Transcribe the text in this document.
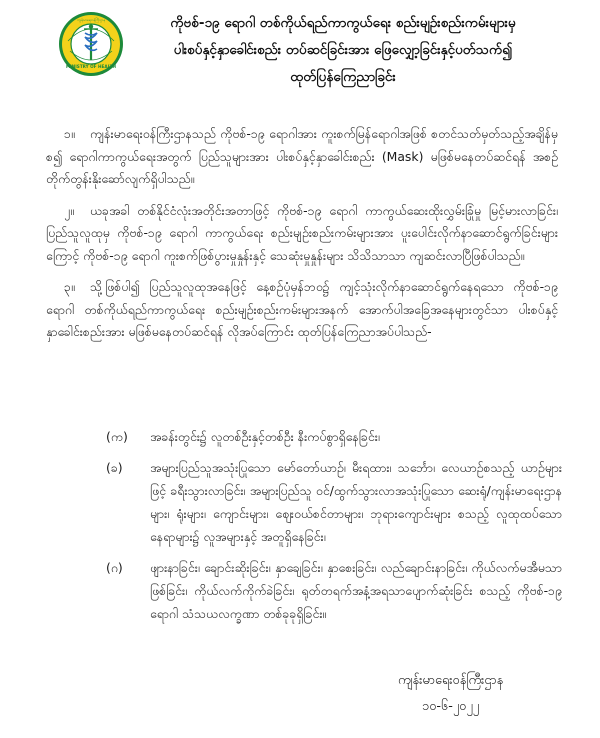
MINISTRY OF HEALTH
ကျန်းမာရေးဝန်ကြီးဌာန	ကိုဗစ်-၁၉ ရောဂါ တစ်ကိုယ်ရည်ကာကွယ်ရေး စည်းမျဉ်းစည်းကမ်းများမှ
ပါးစပ်နှင့်နှာခေါင်းစည်း တပ်ဆင်ခြင်းအား ဖြေလျှော့ခြင်းနှင့်ပတ်သက်၍
ထုတ်ပြန်ကြေညာခြင်း

၁။ ကျန်းမာရေးဝန်ကြီးဌာနသည် ကိုဗစ်-၁၉ ရောဂါအား ကူးစက်မြန်ရောဂါအဖြစ် စတင်သတ်မှတ်သည့်အချိန်မှစ၍ ရောဂါကာကွယ်ရေးအတွက် ပြည်သူများအား ပါးစပ်နှင့်နှာခေါင်းစည်း (Mask) မဖြစ်မနေတပ်ဆင်ရန် အစဉ်တိုက်တွန်းနိုးဆော်လျက်ရှိပါသည်။

၂။ ယခုအခါ တစ်နိုင်ငံလုံးအတိုင်းအတာဖြင့် ကိုဗစ်-၁၉ ရောဂါ ကာကွယ်ဆေးထိုးလွှမ်းခြုံမှု မြင့်မားလာခြင်း၊ ပြည်သူလူထုမှ ကိုဗစ်-၁၉ ရောဂါ ကာကွယ်ရေး စည်းမျဉ်းစည်းကမ်းများအား ပူးပေါင်းလိုက်နာဆောင်ရွက်ခြင်းများကြောင့် ကိုဗစ်-၁၉ ရောဂါ ကူးစက်ဖြစ်ပွားမှုနှုန်းနှင့် သေဆုံးမှုနှုန်းများ သိသိသာသာ ကျဆင်းလာပြီဖြစ်ပါသည်။

၃။ သို့ဖြစ်ပါ၍ ပြည်သူလူထုအနေဖြင့် နေ့စဉ်ပုံမှန်ဘဝ၌ ကျင့်သုံးလိုက်နာဆောင်ရွက်နေရသော ကိုဗစ်-၁၉ ရောဂါ တစ်ကိုယ်ရည်ကာကွယ်ရေး စည်းမျဉ်းစည်းကမ်းများအနက် အောက်ပါအခြေအနေများတွင်သာ ပါးစပ်နှင့်နှာခေါင်းစည်းအား မဖြစ်မနေတပ်ဆင်ရန် လိုအပ်ကြောင်း ထုတ်ပြန်ကြေညာအပ်ပါသည်-

(က)	အခန်းတွင်း၌ လူတစ်ဦးနှင့်တစ်ဦး နီးကပ်စွာရှိနေခြင်း၊
(ခ)	အများပြည်သူအသုံးပြုသော မော်တော်ယာဉ်၊ မီးရထား၊ သင်္ဘော၊ လေယာဉ်စသည့် ယာဉ်များဖြင့် ခရီးသွားလာခြင်း၊ အများပြည်သူ ဝင်/ထွက်သွားလာအသုံးပြုသော ဆေးရုံ/ကျန်းမာရေးဌာနများ၊ ရုံးများ၊ ကျောင်းများ၊ ဈေးဝယ်စင်တာများ၊ ဘုရားကျောင်းများ စသည့် လူထုထပ်သော နေရာများ၌ လူအများနှင့် အတူရှိနေခြင်း၊
(ဂ)	ဖျားနာခြင်း၊ ချောင်းဆိုးခြင်း၊ နှာချေခြင်း၊ နှာစေးခြင်း၊ လည်ချောင်းနာခြင်း၊ ကိုယ်လက်မအီမသာဖြစ်ခြင်း၊ ကိုယ်လက်ကိုက်ခဲခြင်း၊ ရုတ်တရက်အနံ့အရသာပျောက်ဆုံးခြင်း စသည့် ကိုဗစ်-၁၉ ရောဂါ သံသယလက္ခဏာ တစ်ခုခုရှိခြင်း။
ကျန်းမာရေးဝန်ကြီးဌာန
၁၀-၆-၂၀၂၂
